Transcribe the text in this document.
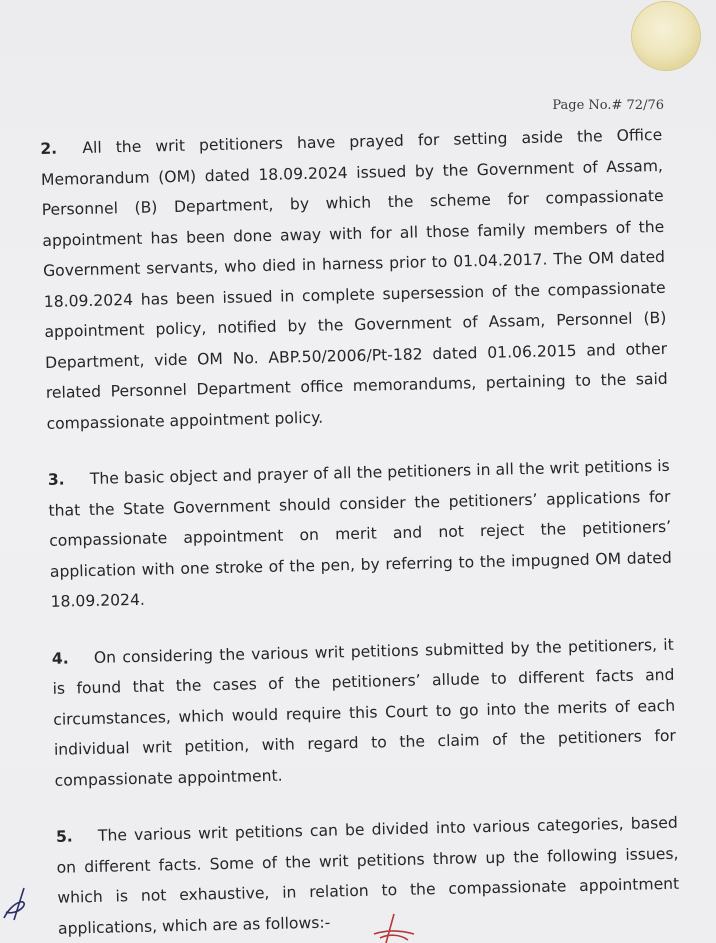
Page No.# 72/76

2. All the writ petitioners have prayed for setting aside the Office Memorandum (OM) dated 18.09.2024 issued by the Government of Assam, Personnel (B) Department, by which the scheme for compassionate appointment has been done away with for all those family members of the Government servants, who died in harness prior to 01.04.2017. The OM dated 18.09.2024 has been issued in complete supersession of the compassionate appointment policy, notified by the Government of Assam, Personnel (B) Department, vide OM No. ABP.50/2006/Pt-182 dated 01.06.2015 and other related Personnel Department office memorandums, pertaining to the said compassionate appointment policy.

3. The basic object and prayer of all the petitioners in all the writ petitions is that the State Government should consider the petitioners’ applications for compassionate appointment on merit and not reject the petitioners’ application with one stroke of the pen, by referring to the impugned OM dated 18.09.2024.

4. On considering the various writ petitions submitted by the petitioners, it is found that the cases of the petitioners’ allude to different facts and circumstances, which would require this Court to go into the merits of each individual writ petition, with regard to the claim of the petitioners for compassionate appointment.

5. The various writ petitions can be divided into various categories, based on different facts. Some of the writ petitions throw up the following issues, which is not exhaustive, in relation to the compassionate appointment applications, which are as follows:-
